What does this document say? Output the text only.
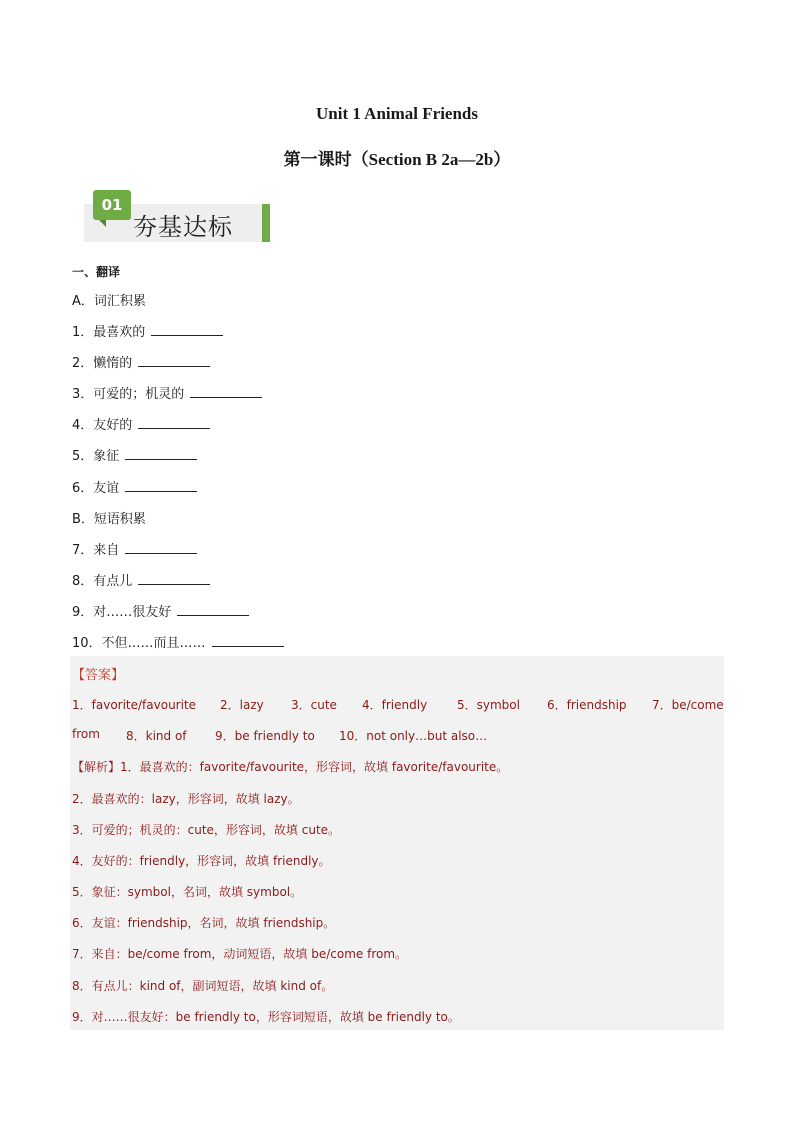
Unit 1 Animal Friends
第一课时（Section B 2a—2b）
01
夯基达标
一、翻译
A．词汇积累
1．最喜欢的
2．懒惰的
3．可爱的；机灵的
4．友好的
5．象征
6．友谊
B．短语积累
7．来自
8．有点儿
9．对……很友好
10．不但……而且……
【答案】
1．favorite/favourite 2．lazy 3．cute 4．friendly 5．symbol 6．friendship 7．be/come
from 8．kind of 9．be friendly to 10．not only…but also…
【解析】1．最喜欢的：favorite/favourite，形容词，故填 favorite/favourite。
2．最喜欢的：lazy，形容词，故填 lazy。
3．可爱的；机灵的：cute，形容词，故填 cute。
4．友好的：friendly，形容词，故填 friendly。
5．象征：symbol，名词，故填 symbol。
6．友谊：friendship，名词，故填 friendship。
7．来自：be/come from，动词短语，故填 be/come from。
8．有点儿：kind of，副词短语，故填 kind of。
9．对……很友好：be friendly to，形容词短语，故填 be friendly to。
